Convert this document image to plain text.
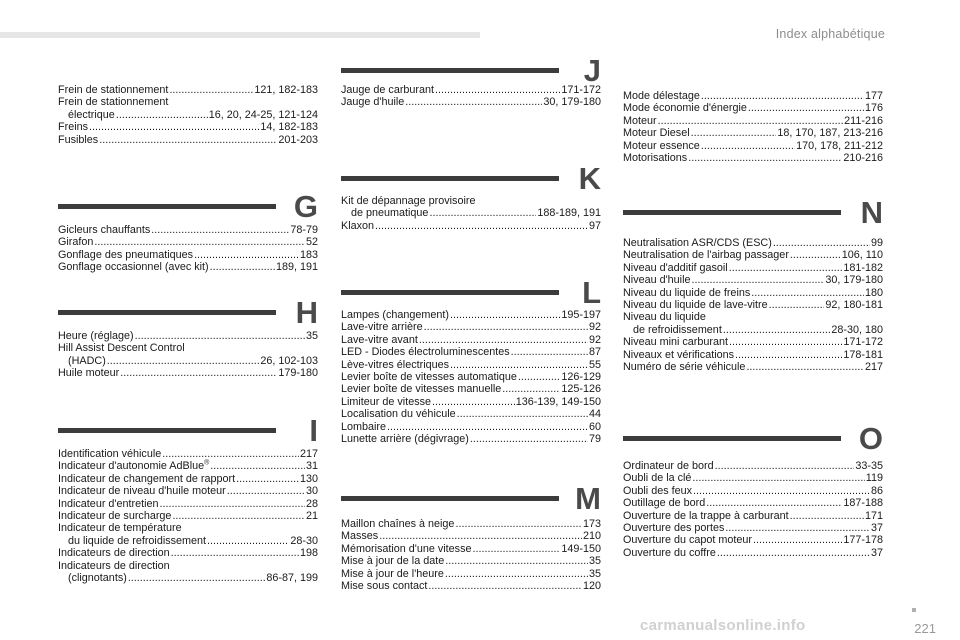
Index alphabétique
Frein de stationnement .....	121, 182-183
Frein de stationnement
électrique .....	16, 20, 24-25, 121-124
Freins .....	14, 182-183
Fusibles .....	201-203
G
Gicleurs chauffants .....	78-79
Girafon .....	52
Gonflage des pneumatiques .....	183
Gonflage occasionnel (avec kit) .....	189, 191
H
Heure (réglage) .....	35
Hill Assist Descent Control
(HADC) .....	26, 102-103
Huile moteur .....	179-180
I
Identification véhicule .....	217
Indicateur d'autonomie AdBlue® .....	31
Indicateur de changement de rapport .....	130
Indicateur de niveau d'huile moteur .....	30
Indicateur d'entretien .....	28
Indicateur de surcharge .....	21
Indicateur de température
du liquide de refroidissement .....	28-30
Indicateurs de direction .....	198
Indicateurs de direction
(clignotants) .....	86-87, 199
J
Jauge de carburant .....	171-172
Jauge d'huile .....	30, 179-180
K
Kit de dépannage provisoire
de pneumatique .....	188-189, 191
Klaxon .....	97
L
Lampes (changement) .....	195-197
Lave-vitre arrière .....	92
Lave-vitre avant .....	92
LED - Diodes électroluminescentes .....	87
Lève-vitres électriques .....	55
Levier boîte de vitesses automatique .....	126-129
Levier boîte de vitesses manuelle .....	125-126
Limiteur de vitesse .....	136-139, 149-150
Localisation du véhicule .....	44
Lombaire .....	60
Lunette arrière (dégivrage) .....	79
M
Maillon chaînes à neige .....	173
Masses .....	210
Mémorisation d'une vitesse .....	149-150
Mise à jour de la date .....	35
Mise à jour de l'heure .....	35
Mise sous contact .....	120
Mode délestage .....	177
Mode économie d'énergie .....	176
Moteur .....	211-216
Moteur Diesel .....	18, 170, 187, 213-216
Moteur essence .....	170, 178, 211-212
Motorisations .....	210-216
N
Neutralisation ASR/CDS (ESC) .....	99
Neutralisation de l'airbag passager .....	106, 110
Niveau d'additif gasoil .....	181-182
Niveau d'huile .....	30, 179-180
Niveau du liquide de freins .....	180
Niveau du liquide de lave-vitre .....	92, 180-181
Niveau du liquide
de refroidissement .....	28-30, 180
Niveau mini carburant .....	171-172
Niveaux et vérifications .....	178-181
Numéro de série véhicule .....	217
O
Ordinateur de bord .....	33-35
Oubli de la clé .....	119
Oubli des feux .....	86
Outillage de bord .....	187-188
Ouverture de la trappe à carburant .....	171
Ouverture des portes .....	37
Ouverture du capot moteur .....	177-178
Ouverture du coffre .....	37
221
carmanualsonline.info
